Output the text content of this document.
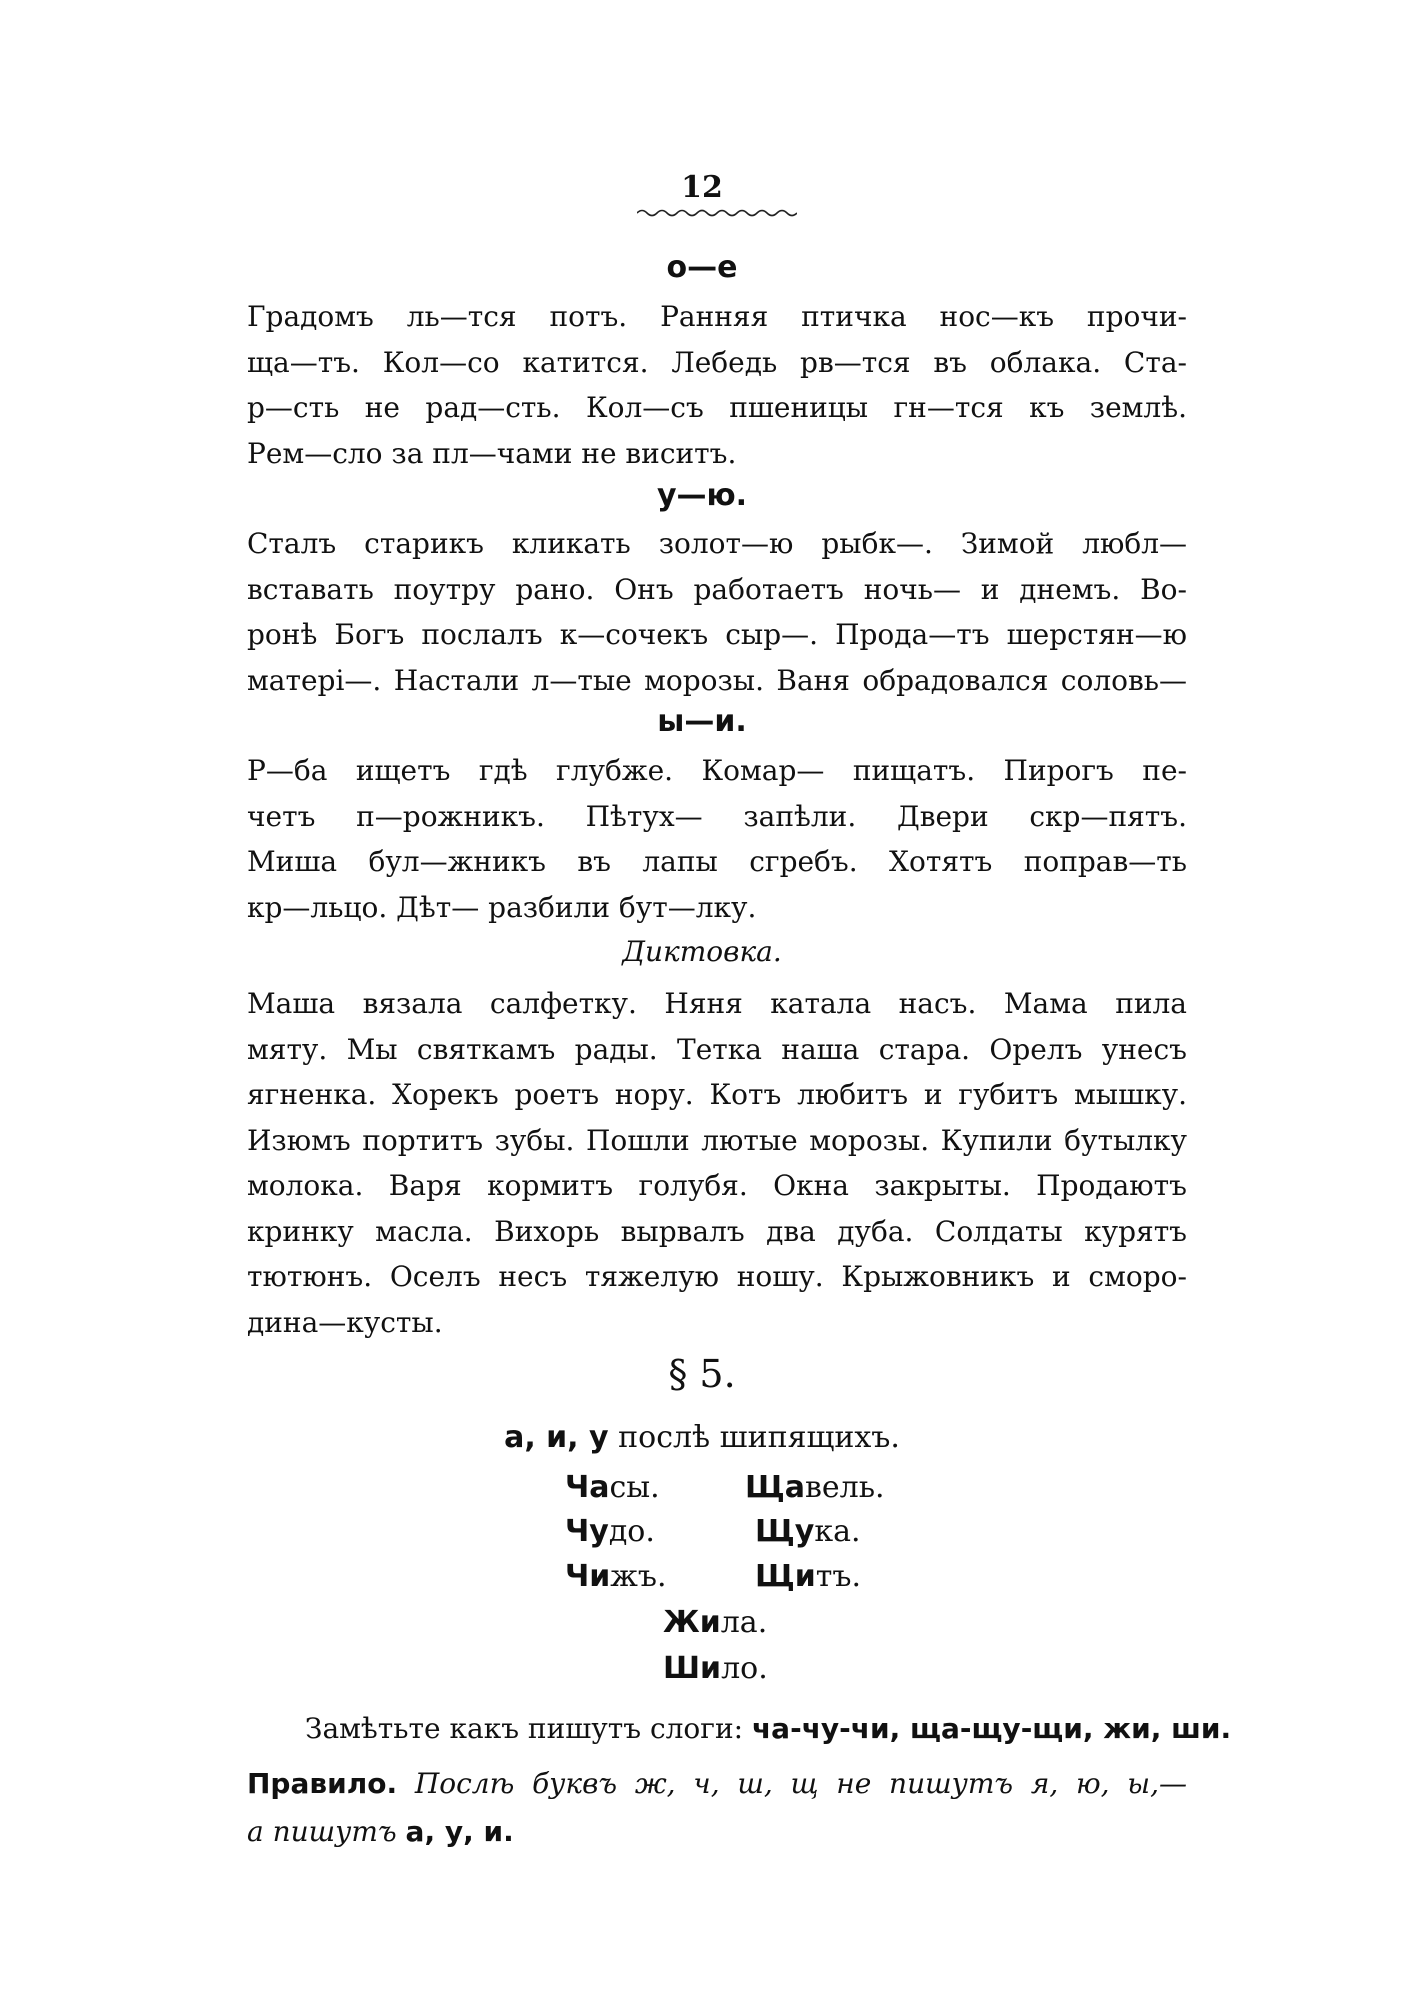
12
о—е
Градомъ ль—тся потъ. Ранняя птичка нос—къ прочи-
ща—тъ. Кол—со катится. Лебедь рв—тся въ облака. Ста-
р—сть не рад—сть. Кол—съ пшеницы гн—тся къ землѣ.
Рем—сло за пл—чами не виситъ.
у—ю.
Сталъ старикъ кликать золот—ю рыбк—. Зимой любл—
вставать поутру рано. Онъ работаетъ ночь— и днемъ. Во-
ронѣ Богъ послалъ к—сочекъ сыр—. Прода—тъ шерстян—ю
матері—. Настали л—тые морозы. Ваня обрадовался соловь—
ы—и.
Р—ба ищетъ гдѣ глубже. Комар— пищатъ. Пирогъ пе-
четъ п—рожникъ. Пѣтух— запѣли. Двери скр—пятъ.
Миша бул—жникъ въ лапы сгребъ. Хотятъ поправ—ть
кр—льцо. Дѣт— разбили бут—лку.
Диктовка.
Маша вязала салфетку. Няня катала насъ. Мама пила
мяту. Мы святкамъ рады. Тетка наша стара. Орелъ унесъ
ягненка. Хорекъ роетъ нору. Котъ любитъ и губитъ мышку.
Изюмъ портитъ зубы. Пошли лютые морозы. Купили бутылку
молока. Варя кормитъ голубя. Окна закрыты. Продаютъ
кринку масла. Вихорь вырвалъ два дуба. Солдаты курятъ
тютюнъ. Оселъ несъ тяжелую ношу. Крыжовникъ и сморо-
дина—кусты.
§ 5.
а, и, у послѣ шипящихъ.
Часы.	Щавель.
Чудо.	Щука.
Чижъ.	Щитъ.
Жила.
Шило.
Замѣтьте какъ пишутъ слоги: ча-чу-чи, ща-щу-щи, жи, ши.
Правило. Послѣ буквъ ж, ч, ш, щ не пишутъ я, ю, ы,—
а пишутъ а, у, и.
